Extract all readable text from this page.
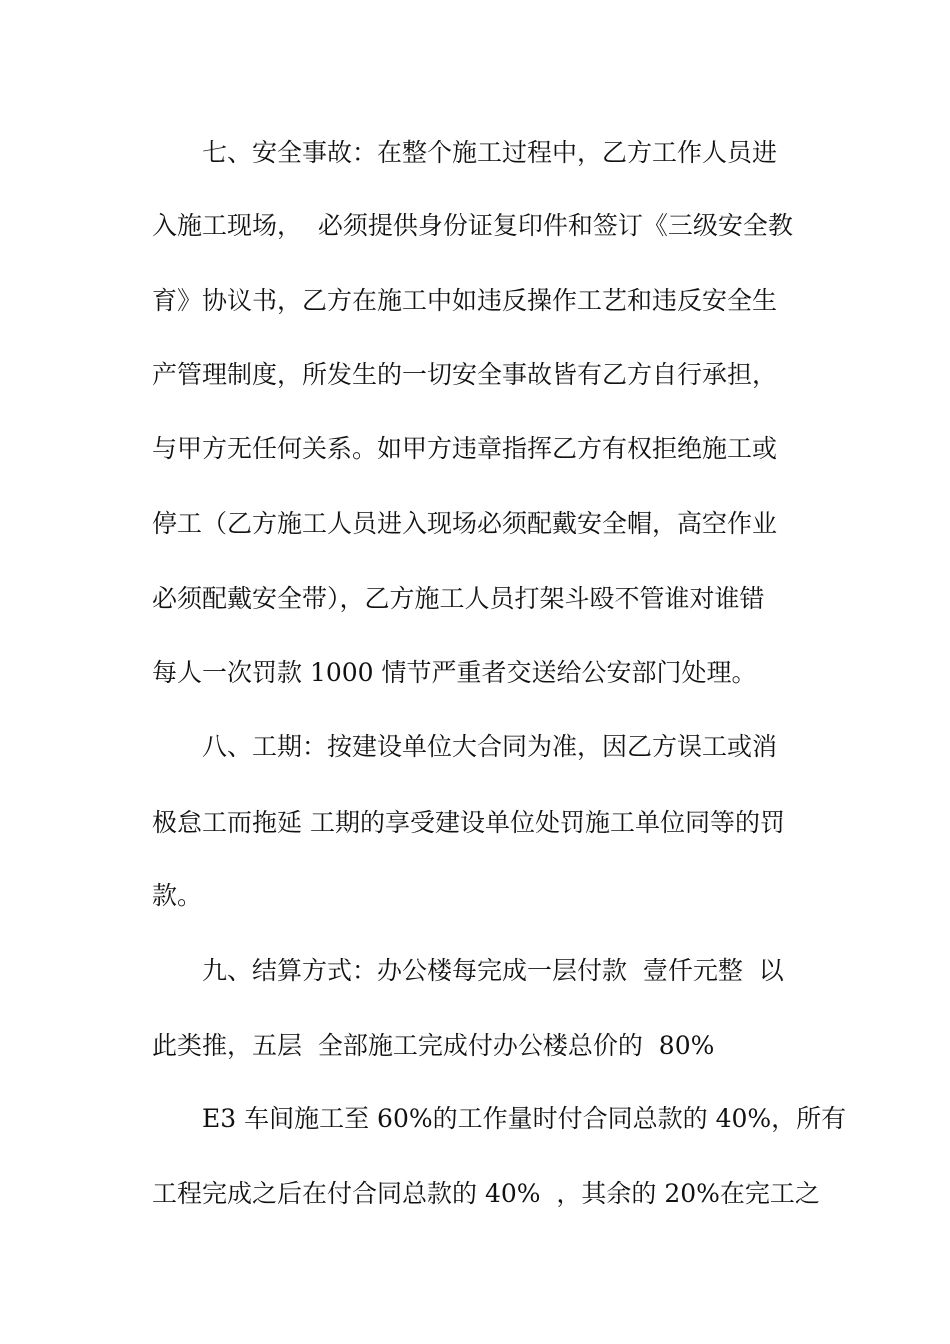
七、安全事故：在整个施工过程中，乙方工作人员进
入施工现场，  必须提供身份证复印件和签订《三级安全教
育》协议书，乙方在施工中如违反操作工艺和违反安全生
产管理制度，所发生的一切安全事故皆有乙方自行承担，
与甲方无任何关系。如甲方违章指挥乙方有权拒绝施工或
停工（乙方施工人员进入现场必须配戴安全帽，高空作业
必须配戴安全带），乙方施工人员打架斗殴不管谁对谁错
每人一次罚款 1000 情节严重者交送给公安部门处理。
八、工期：按建设单位大合同为准，因乙方误工或消
极怠工而拖延 工期的享受建设单位处罚施工单位同等的罚
款。
九、结算方式：办公楼每完成一层付款  壹仟元整  以
此类推，五层  全部施工完成付办公楼总价的  80%
E3 车间施工至 60%的工作量时付合同总款的 40%，所有
工程完成之后在付合同总款的 40%  ，其余的 20%在完工之
